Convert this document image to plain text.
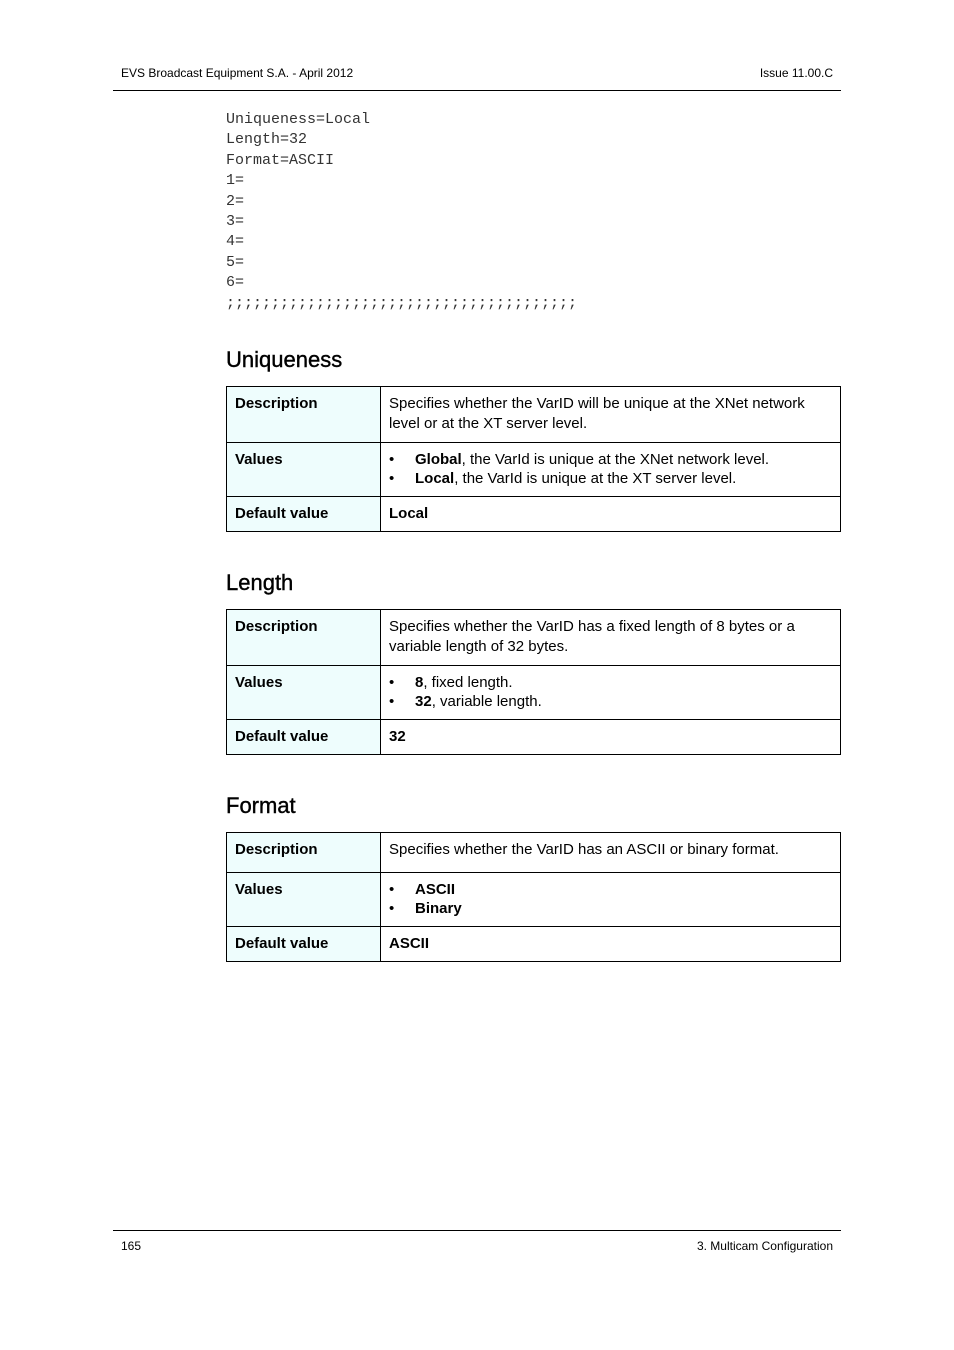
EVS Broadcast Equipment S.A. - April 2012	Issue 11.00.C
Uniqueness=Local
Length=32
Format=ASCII
1=
2=
3=
4=
5=
6=
;;;;;;;;;;;;;;;;;;;;;;;;;;;;;;;;;;;;;;;
Uniqueness
Description	Specifies whether the VarID will be unique at the XNet network level or at the XT server level.
Values	• Global, the VarId is unique at the XNet network level.
• Local, the VarId is unique at the XT server level.

Default value	Local
Length
Description	Specifies whether the VarID has a fixed length of 8 bytes or a variable length of 32 bytes.
Values	• 8, fixed length.
• 32, variable length.

Default value	32
Format
Description	Specifies whether the VarID has an ASCII or binary format.
Values	• ASCII
• Binary

Default value	ASCII
165	3. Multicam Configuration
